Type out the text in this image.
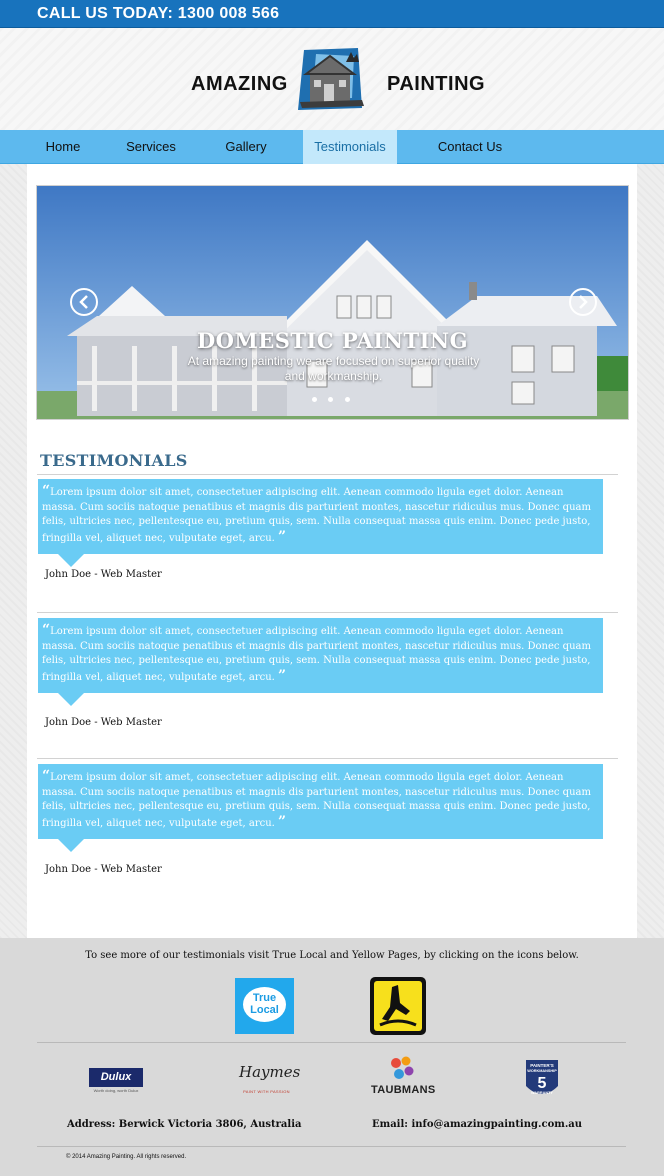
CALL US TODAY: 1300 008 566
AMAZING	PAINTING
Home	Services	Gallery	Testimonials	Contact Us
DOMESTIC PAINTING
At amazing painting we are focused on superior quality and workmanship.
TESTIMONIALS
“Lorem ipsum dolor sit amet, consectetuer adipiscing elit. Aenean commodo ligula eget dolor. Aenean massa. Cum sociis natoque penatibus et magnis dis parturient montes, nascetur ridiculus mus. Donec quam felis, ultricies nec, pellentesque eu, pretium quis, sem. Nulla consequat massa quis enim. Donec pede justo, fringilla vel, aliquet nec, vulputate eget, arcu. ”
John Doe - Web Master
“Lorem ipsum dolor sit amet, consectetuer adipiscing elit. Aenean commodo ligula eget dolor. Aenean massa. Cum sociis natoque penatibus et magnis dis parturient montes, nascetur ridiculus mus. Donec quam felis, ultricies nec, pellentesque eu, pretium quis, sem. Nulla consequat massa quis enim. Donec pede justo, fringilla vel, aliquet nec, vulputate eget, arcu. ”
John Doe - Web Master
“Lorem ipsum dolor sit amet, consectetuer adipiscing elit. Aenean commodo ligula eget dolor. Aenean massa. Cum sociis natoque penatibus et magnis dis parturient montes, nascetur ridiculus mus. Donec quam felis, ultricies nec, pellentesque eu, pretium quis, sem. Nulla consequat massa quis enim. Donec pede justo, fringilla vel, aliquet nec, vulputate eget, arcu. ”
John Doe - Web Master
To see more of our testimonials visit True Local and Yellow Pages, by clicking on the icons below.
True
Local
Dulux
Worth doing, worth Dulux
Haymes
PAINT WITH PASSION	TAUBMANS
PAINTER'S
WORKMANSHIP
5
WARRANTY
Address: Berwick Victoria 3806, Australia	Email: info@amazingpainting.com.au
© 2014 Amazing Painting. All rights reserved.
